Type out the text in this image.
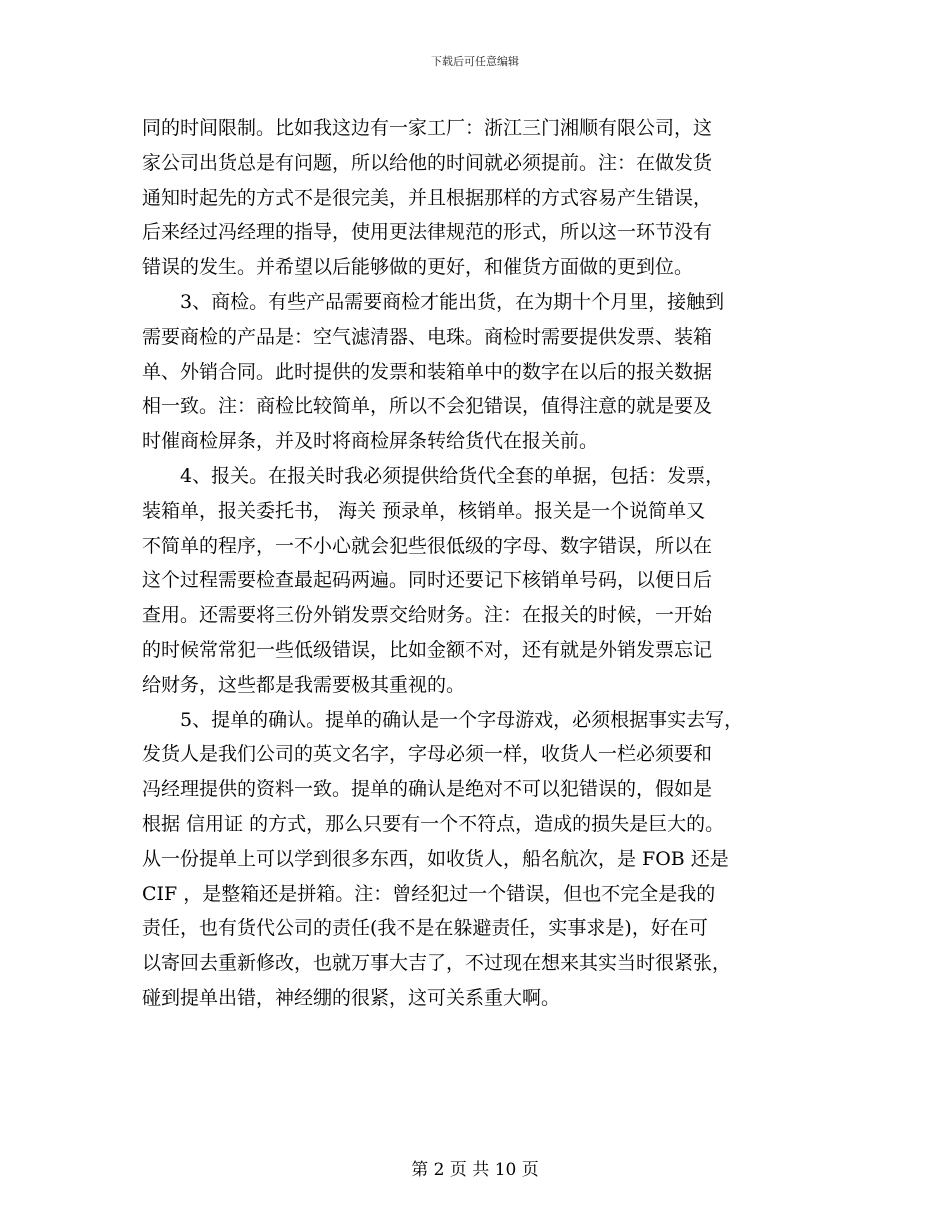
下载后可任意编辑
同的时间限制。比如我这边有一家工厂：浙江三门湘顺有限公司，这
家公司出货总是有问题，所以给他的时间就必须提前。注：在做发货
通知时起先的方式不是很完美，并且根据那样的方式容易产生错误，
后来经过冯经理的指导，使用更法律规范的形式，所以这一环节没有
错误的发生。并希望以后能够做的更好，和催货方面做的更到位。
3、商检。有些产品需要商检才能出货，在为期十个月里，接触到
需要商检的产品是：空气滤清器、电珠。商检时需要提供发票、装箱
单、外销合同。此时提供的发票和装箱单中的数字在以后的报关数据
相一致。注：商检比较简单，所以不会犯错误，值得注意的就是要及
时催商检屏条，并及时将商检屏条转给货代在报关前。
4、报关。在报关时我必须提供给货代全套的单据，包括：发票，
装箱单，报关委托书， 海关 预录单，核销单。报关是一个说简单又
不简单的程序，一不小心就会犯些很低级的字母、数字错误，所以在
这个过程需要检查最起码两遍。同时还要记下核销单号码，以便日后
查用。还需要将三份外销发票交给财务。注：在报关的时候，一开始
的时候常常犯一些低级错误，比如金额不对，还有就是外销发票忘记
给财务，这些都是我需要极其重视的。
5、提单的确认。提单的确认是一个字母游戏，必须根据事实去写，
发货人是我们公司的英文名字，字母必须一样，收货人一栏必须要和
冯经理提供的资料一致。提单的确认是绝对不可以犯错误的，假如是
根据 信用证 的方式，那么只要有一个不符点，造成的损失是巨大的。
从一份提单上可以学到很多东西，如收货人，船名航次，是 FOB 还是
CIF ，是整箱还是拼箱。注：曾经犯过一个错误，但也不完全是我的
责任，也有货代公司的责任(我不是在躲避责任，实事求是)，好在可
以寄回去重新修改，也就万事大吉了，不过现在想来其实当时很紧张，
碰到提单出错，神经绷的很紧，这可关系重大啊。
第 2 页 共 10 页
